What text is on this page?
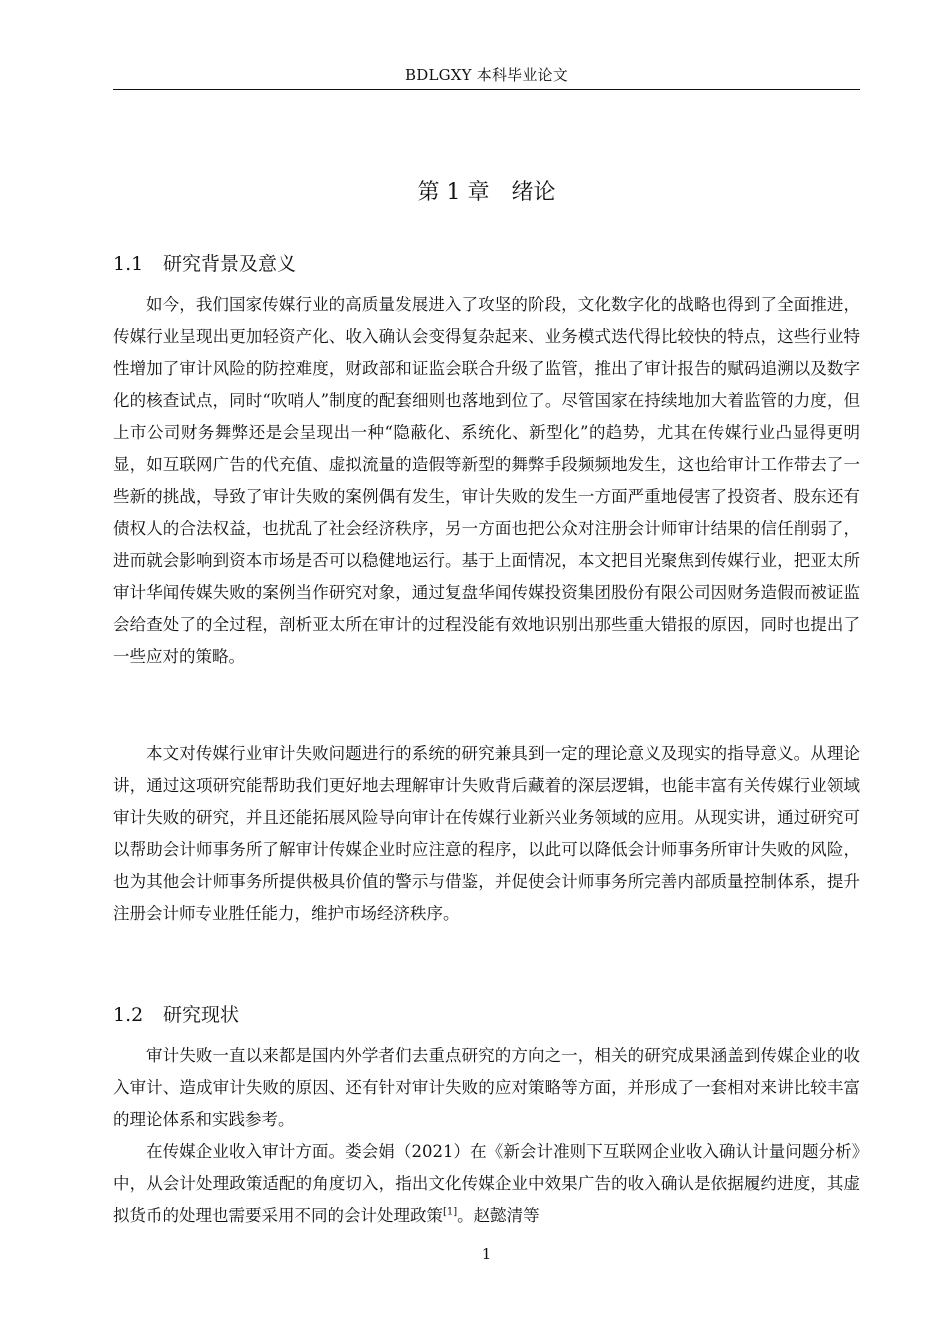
BDLGXY 本科毕业论文
第 1 章　绪论
1.1 研究背景及意义

如今，我们国家传媒行业的高质量发展进入了攻坚的阶段，文化数字化的战略也得到了全面推进，传媒行业呈现出更加轻资产化、收入确认会变得复杂起来、业务模式迭代得比较快的特点，这些行业特性增加了审计风险的防控难度，财政部和证监会联合升级了监管，推出了审计报告的赋码追溯以及数字化的核查试点，同时“吹哨人”制度的配套细则也落地到位了。尽管国家在持续地加大着监管的力度，但上市公司财务舞弊还是会呈现出一种“隐蔽化、系统化、新型化”的趋势，尤其在传媒行业凸显得更明显，如互联网广告的代充值、虚拟流量的造假等新型的舞弊手段频频地发生，这也给审计工作带去了一些新的挑战，导致了审计失败的案例偶有发生，审计失败的发生一方面严重地侵害了投资者、股东还有债权人的合法权益，也扰乱了社会经济秩序，另一方面也把公众对注册会计师审计结果的信任削弱了，进而就会影响到资本市场是否可以稳健地运行。基于上面情况，本文把目光聚焦到传媒行业，把亚太所审计华闻传媒失败的案例当作研究对象，通过复盘华闻传媒投资集团股份有限公司因财务造假而被证监会给查处了的全过程，剖析亚太所在审计的过程没能有效地识别出那些重大错报的原因，同时也提出了一些应对的策略。

本文对传媒行业审计失败问题进行的系统的研究兼具到一定的理论意义及现实的指导意义。从理论讲，通过这项研究能帮助我们更好地去理解审计失败背后藏着的深层逻辑，也能丰富有关传媒行业领域审计失败的研究，并且还能拓展风险导向审计在传媒行业新兴业务领域的应用。从现实讲，通过研究可以帮助会计师事务所了解审计传媒企业时应注意的程序，以此可以降低会计师事务所审计失败的风险，也为其他会计师事务所提供极具价值的警示与借鉴，并促使会计师事务所完善内部质量控制体系，提升注册会计师专业胜任能力，维护市场经济秩序。

1.2 研究现状

审计失败一直以来都是国内外学者们去重点研究的方向之一，相关的研究成果涵盖到传媒企业的收入审计、造成审计失败的原因、还有针对审计失败的应对策略等方面，并形成了一套相对来讲比较丰富的理论体系和实践参考。

在传媒企业收入审计方面。娄会娟（2021）在《新会计准则下互联网企业收入确认计量问题分析》中，从会计处理政策适配的角度切入，指出文化传媒企业中效果广告的收入确认是依据履约进度，其虚拟货币的处理也需要采用不同的会计处理政策[1]。赵懿清等

1
